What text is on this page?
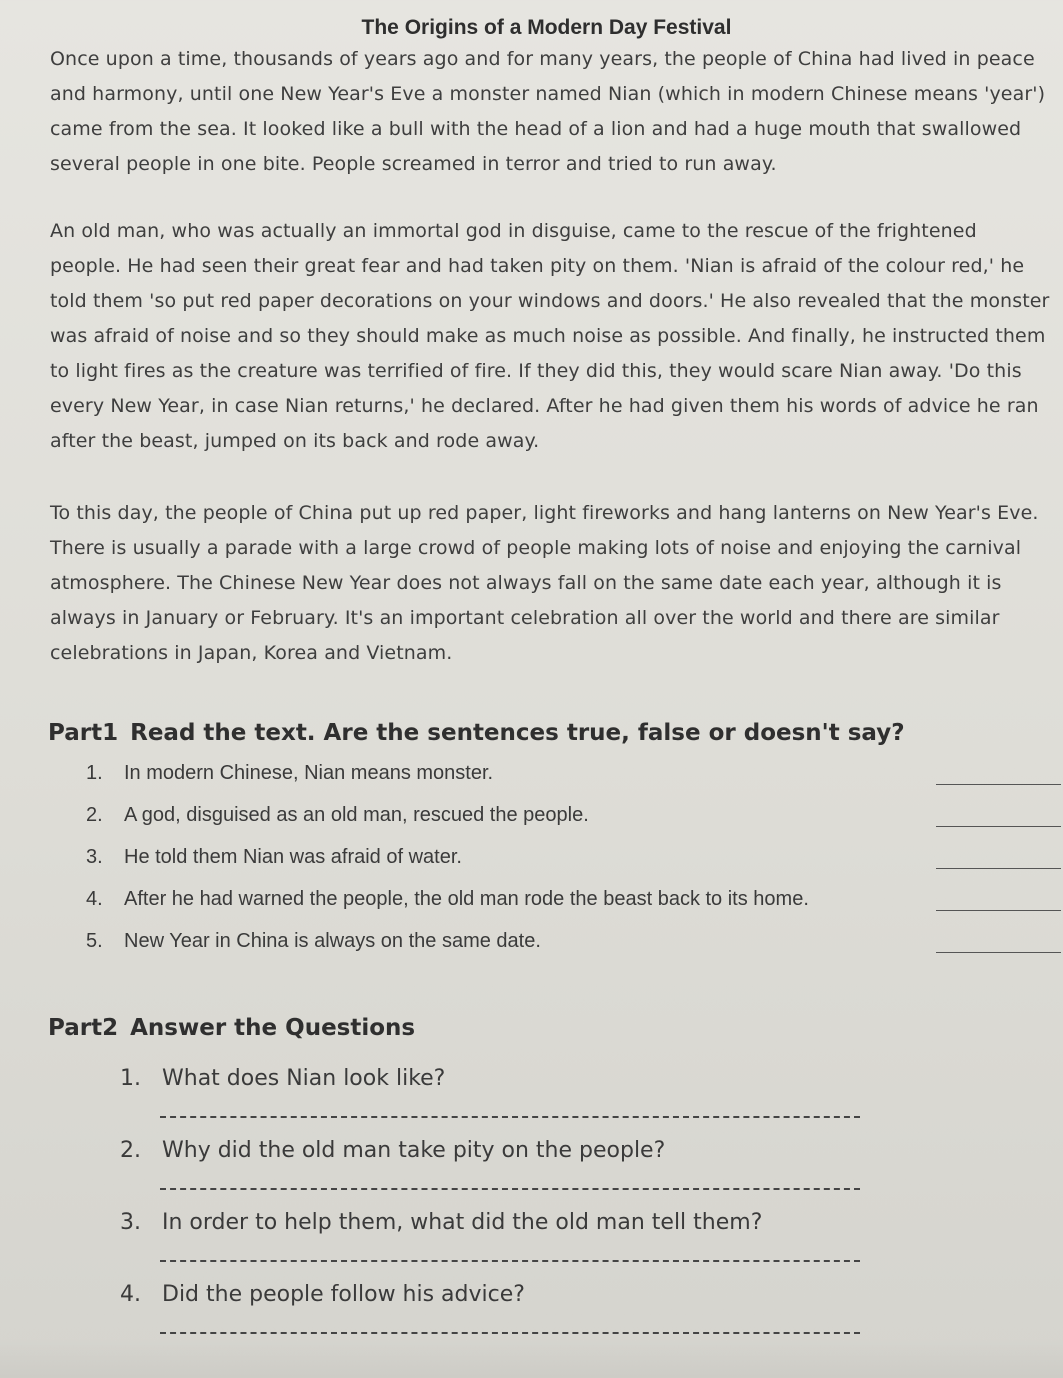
The Origins of a Modern Day Festival

Once upon a time, thousands of years ago and for many years, the people of China had lived in peace and harmony, until one New Year's Eve a monster named Nian (which in modern Chinese means 'year') came from the sea. It looked like a bull with the head of a lion and had a huge mouth that swallowed several people in one bite. People screamed in terror and tried to run away.

An old man, who was actually an immortal god in disguise, came to the rescue of the frightened people. He had seen their great fear and had taken pity on them. 'Nian is afraid of the colour red,' he told them 'so put red paper decorations on your windows and doors.' He also revealed that the monster was afraid of noise and so they should make as much noise as possible. And finally, he instructed them to light fires as the creature was terrified of fire. If they did this, they would scare Nian away. 'Do this every New Year, in case Nian returns,' he declared. After he had given them his words of advice he ran after the beast, jumped on its back and rode away.

To this day, the people of China put up red paper, light fireworks and hang lanterns on New Year's Eve. There is usually a parade with a large crowd of people making lots of noise and enjoying the carnival atmosphere. The Chinese New Year does not always fall on the same date each year, although it is always in January or February. It's an important celebration all over the world and there are similar celebrations in Japan, Korea and Vietnam.

Part1 Read the text. Are the sentences true, false or doesn't say?
1.	In modern Chinese, Nian means monster.
2.	A god, disguised as an old man, rescued the people.
3.	He told them Nian was afraid of water.
4.	After he had warned the people, the old man rode the beast back to its home.
5.	New Year in China is always on the same date.
Part2 Answer the Questions
1. What does Nian look like?
2. Why did the old man take pity on the people?
3. In order to help them, what did the old man tell them?
4. Did the people follow his advice?
